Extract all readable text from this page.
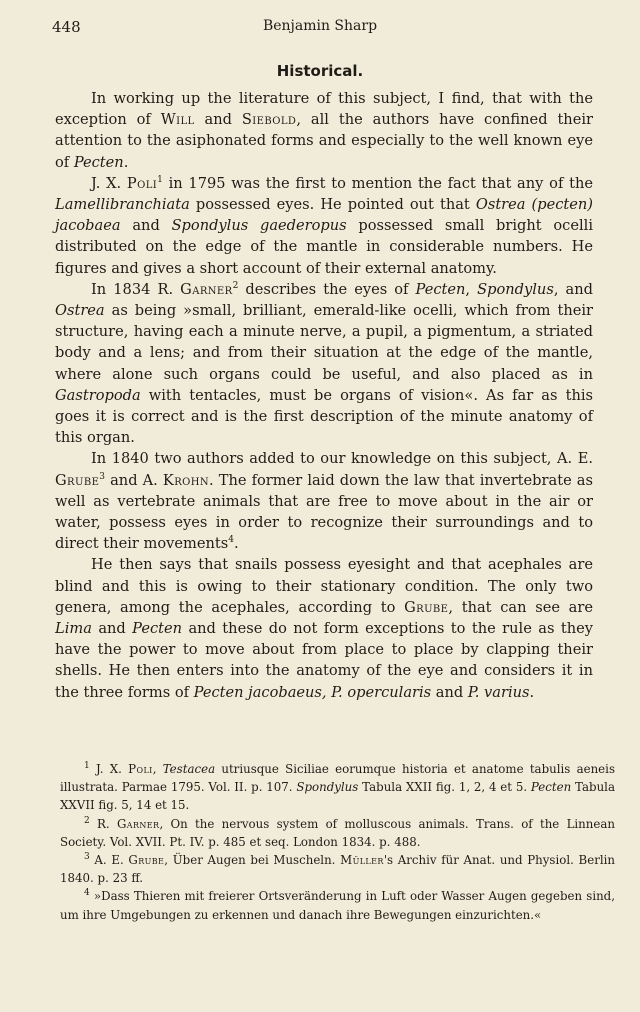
448	Benjamin Sharp
Historical.

In working up the literature of this subject, I find, that with the exception of Will and Siebold, all the authors have confined their attention to the asiphonated forms and especially to the well known eye of Pecten.

J. X. Poli$^1$ in 1795 was the first to mention the fact that any of the Lamellibranchiata possessed eyes. He pointed out that Ostrea (pecten) jacobaea and Spondylus gaederopus possessed small bright ocelli distributed on the edge of the mantle in considerable numbers. He figures and gives a short account of their external anatomy.

In 1834 R. Garner$^2$ describes the eyes of Pecten, Spondylus, and Ostrea as being »small, brilliant, emerald-like ocelli, which from their structure, having each a minute nerve, a pupil, a pigmentum, a striated body and a lens; and from their situation at the edge of the mantle, where alone such organs could be useful, and also placed as in Gastropoda with tentacles, must be organs of vision«. As far as this goes it is correct and is the first description of the minute anatomy of this organ.

In 1840 two authors added to our knowledge on this subject, A. E. Grube$^3$ and A. Krohn. The former laid down the law that invertebrate as well as vertebrate animals that are free to move about in the air or water, possess eyes in order to recognize their surroundings and to direct their movements$^4$.

He then says that snails possess eyesight and that acephales are blind and this is owing to their stationary condition. The only two genera, among the acephales, according to Grube, that can see are Lima and Pecten and these do not form exceptions to the rule as they have the power to move about from place to place by clapping their shells. He then enters into the anatomy of the eye and considers it in the three forms of Pecten jacobaeus, P. opercularis and P. varius.

$^1$ J. X. Poli, Testacea utriusque Siciliae eorumque historia et anatome tabulis aeneis illustrata. Parmae 1795. Vol. II. p. 107. Spondylus Tabula XXII fig. 1, 2, 4 et 5. Pecten Tabula XXVII fig. 5, 14 et 15.

$^2$ R. Garner, On the nervous system of molluscous animals. Trans. of the Linnean Society. Vol. XVII. Pt. IV. p. 485 et seq. London 1834. p. 488.

$^3$ A. E. Grube, Über Augen bei Muscheln. Müller's Archiv für Anat. und Physiol. Berlin 1840. p. 23 ff.

$^4$ »Dass Thieren mit freierer Ortsveränderung in Luft oder Wasser Augen gegeben sind, um ihre Umgebungen zu erkennen und danach ihre Bewegungen einzurichten.«
